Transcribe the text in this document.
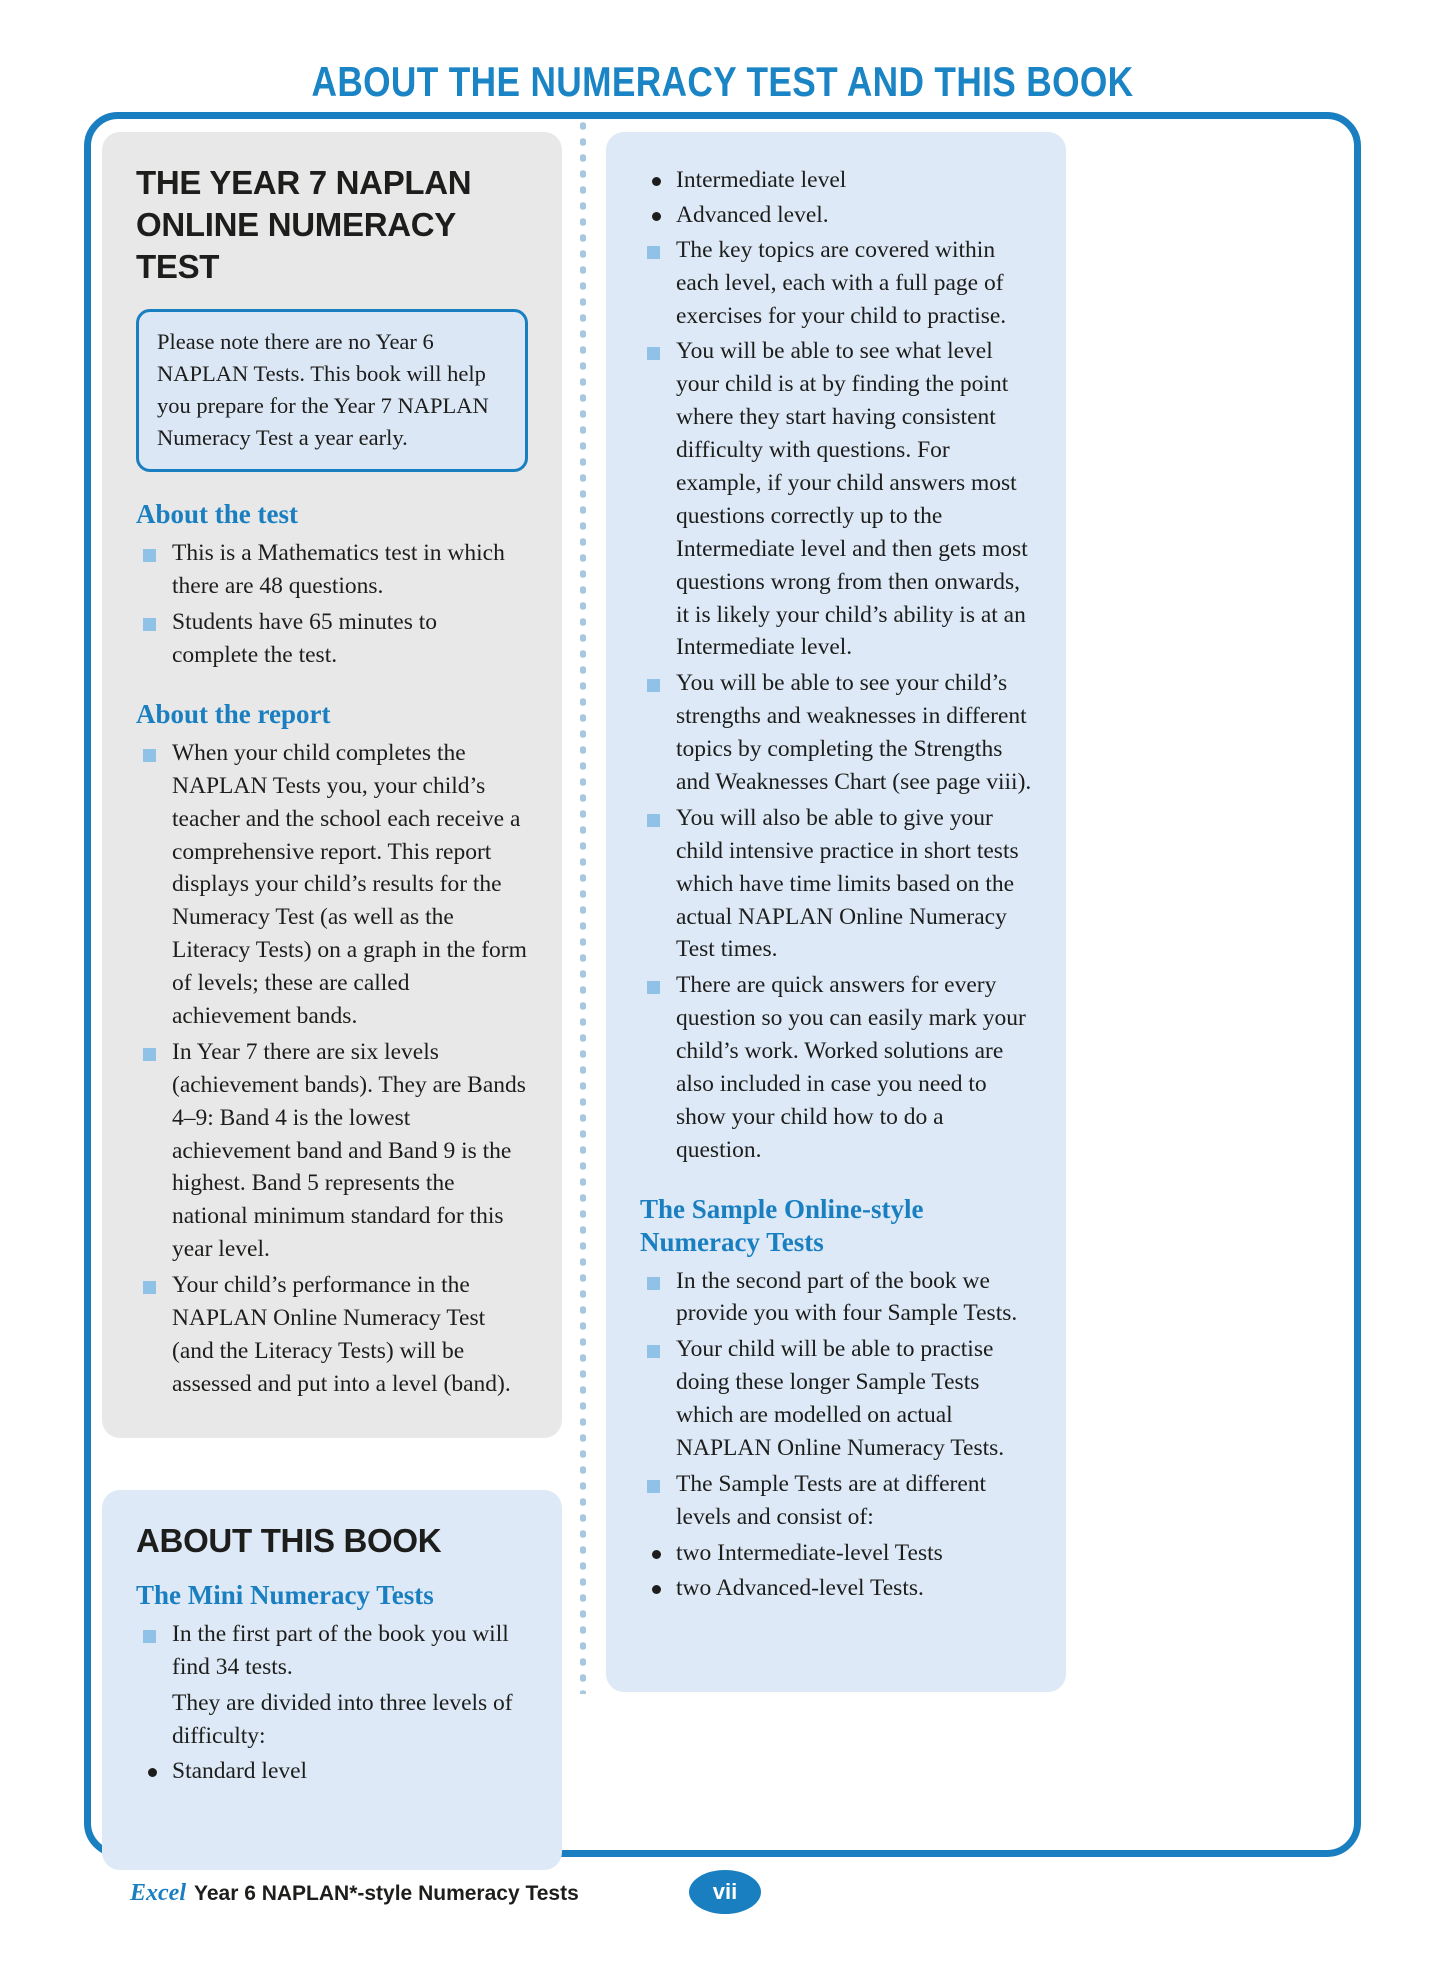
ABOUT THE NUMERACY TEST AND THIS BOOK
THE YEAR 7 NAPLAN
ONLINE NUMERACY TEST

Please note there are no Year 6 NAPLAN Tests. This book will help you prepare for the Year 7 NAPLAN Numeracy Test a year early.

About the test
This is a Mathematics test in which there are 48 questions.
Students have 65 minutes to complete the test.
About the report
When your child completes the NAPLAN Tests you, your child’s teacher and the school each receive a comprehensive report. This report displays your child’s results for the Numeracy Test (as well as the Literacy Tests) on a graph in the form of levels; these are called achievement bands.
In Year 7 there are six levels (achievement bands). They are Bands 4–9: Band 4 is the lowest achievement band and Band 9 is the highest. Band 5 represents the national minimum standard for this year level.
Your child’s performance in the NAPLAN Online Numeracy Test (and the Literacy Tests) will be assessed and put into a level (band).
ABOUT THIS BOOK
The Mini Numeracy Tests
In the first part of the book you will find 34 tests.
They are divided into three levels of difficulty:
Standard level
Intermediate level
Advanced level.
The key topics are covered within each level, each with a full page of exercises for your child to practise.
You will be able to see what level your child is at by finding the point where they start having consistent difficulty with questions. For example, if your child answers most questions correctly up to the Intermediate level and then gets most questions wrong from then onwards, it is likely your child’s ability is at an Intermediate level.
You will be able to see your child’s strengths and weaknesses in different topics by completing the Strengths and Weaknesses Chart (see page viii).
You will also be able to give your child intensive practice in short tests which have time limits based on the actual NAPLAN Online Numeracy Test times.
There are quick answers for every question so you can easily mark your child’s work. Worked solutions are also included in case you need to show your child how to do a question.
The Sample Online-style Numeracy Tests
In the second part of the book we provide you with four Sample Tests.
Your child will be able to practise doing these longer Sample Tests which are modelled on actual NAPLAN Online Numeracy Tests.
The Sample Tests are at different levels and consist of:
two Intermediate-level Tests
two Advanced-level Tests.
Excel Year 6 NAPLAN*-style Numeracy Tests	vii
